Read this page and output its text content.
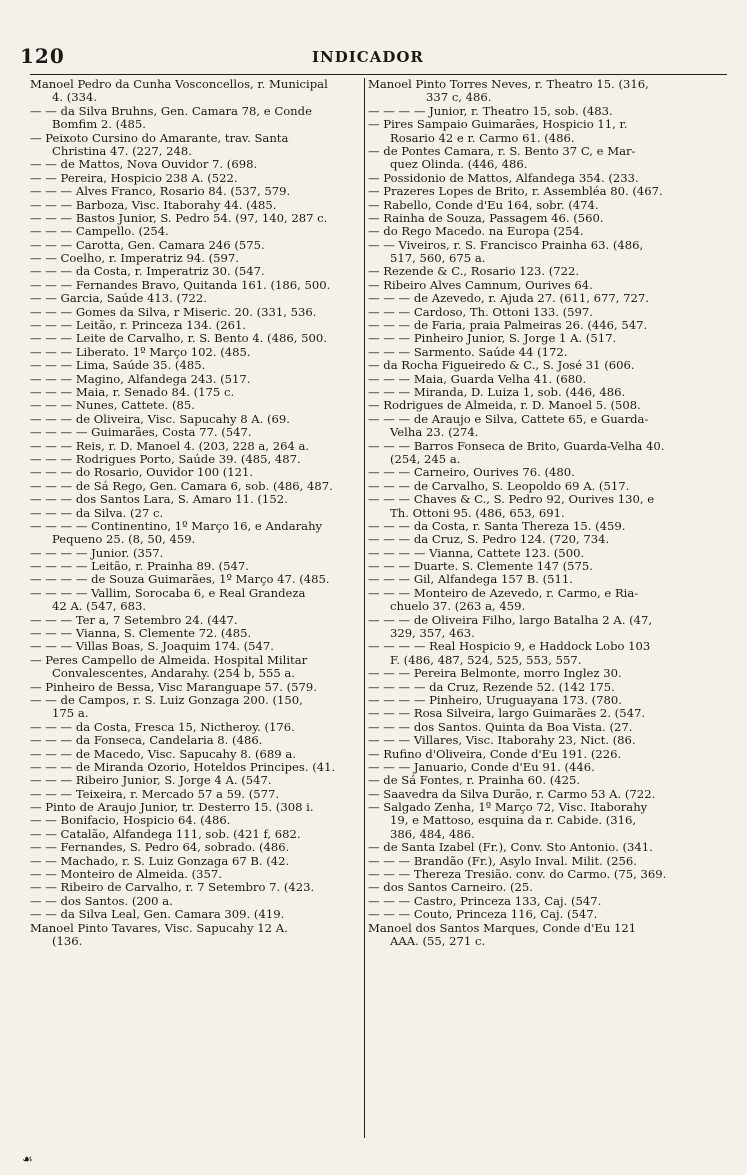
120	INDICADOR
Manoel Pedro da Cunha Vosconcellos, r. Municipal
4. (334.
— — da Silva Bruhns, Gen. Camara 78, e Conde
Bomfim 2. (485.
— Peixoto Cursino do Amarante, trav. Santa
Christina 47. (227, 248.
— — de Mattos, Nova Ouvidor 7. (698.
— — Pereira, Hospicio 238 A. (522.
— — — Alves Franco, Rosario 84. (537, 579.
— — — Barboza, Visc. Itaborahy 44. (485.
— — — Bastos Junior, S. Pedro 54. (97, 140, 287 c.
— — — Campello. (254.
— — — Carotta, Gen. Camara 246 (575.
— — Coelho, r. Imperatriz 94. (597.
— — — da Costa, r. Imperatriz 30. (547.
— — — Fernandes Bravo, Quitanda 161. (186, 500.
— — Garcia, Saúde 413. (722.
— — — Gomes da Silva, r Miseric. 20. (331, 536.
— — — Leitão, r. Princeza 134. (261.
— — — Leite de Carvalho, r. S. Bento 4. (486, 500.
— — — Liberato. 1º Março 102. (485.
— — — Lima, Saúde 35. (485.
— — — Magino, Alfandega 243. (517.
— — — Maia, r. Senado 84. (175 c.
— — — Nunes, Cattete. (85.
— — — de Oliveira, Visc. Sapucahy 8 A. (69.
— — — — Guimarães, Costa 77. (547.
— — — Reis, r. D. Manoel 4. (203, 228 a, 264 a.
— — — Rodrigues Porto, Saúde 39. (485, 487.
— — — do Rosario, Ouvidor 100 (121.
— — — de Sá Rego, Gen. Camara 6, sob. (486, 487.
— — — dos Santos Lara, S. Amaro 11. (152.
— — — da Silva. (27 c.
— — — — Continentino, 1º Março 16, e Andarahy
Pequeno 25. (8, 50, 459.
— — — — Junior. (357.
— — — — Leitão, r. Prainha 89. (547.
— — — — de Souza Guimarães, 1º Março 47. (485.
— — — — Vallim, Sorocaba 6, e Real Grandeza
42 A. (547, 683.
— — — Ter a, 7 Setembro 24. (447.
— — — Vianna, S. Clemente 72. (485.
— — — Villas Boas, S. Joaquim 174. (547.
— Peres Campello de Almeida. Hospital Militar
Convalescentes, Andarahy. (254 b, 555 a.
— Pinheiro de Bessa, Visc Maranguape 57. (579.
— — de Campos, r. S. Luiz Gonzaga 200. (150,
175 a.
— — — da Costa, Fresca 15, Nictheroy. (176.
— — — da Fonseca, Candelaria 8. (486.
— — — de Macedo, Visc. Sapucahy 8. (689 a.
— — — de Miranda Ozorio, Hoteldos Principes. (41.
— — — Ribeiro Junior, S. Jorge 4 A. (547.
— — — Teixeira, r. Mercado 57 a 59. (577.
— Pinto de Araujo Junior, tr. Desterro 15. (308 i.
— — Bonifacio, Hospicio 64. (486.
— — Catalão, Alfandega 111, sob. (421 f, 682.
— — Fernandes, S. Pedro 64, sobrado. (486.
— — Machado, r. S. Luiz Gonzaga 67 B. (42.
— — Monteiro de Almeida. (357.
— — Ribeiro de Carvalho, r. 7 Setembro 7. (423.
— — dos Santos. (200 a.
— — da Silva Leal, Gen. Camara 309. (419.
Manoel Pinto Tavares, Visc. Sapucahy 12 A.
(136.
Manoel Pinto Torres Neves, r. Theatro 15. (316,
337 c, 486.
— — — — Junior, r. Theatro 15, sob. (483.
— Pires Sampaio Guimarães, Hospicio 11, r.
Rosario 42 e r. Carmo 61. (486.
— de Pontes Camara, r. S. Bento 37 C, e Mar-
quez Olinda. (446, 486.
— Possidonio de Mattos, Alfandega 354. (233.
— Prazeres Lopes de Brito, r. Assembléa 80. (467.
— Rabello, Conde d'Eu 164, sobr. (474.
— Rainha de Souza, Passagem 46. (560.
— do Rego Macedo. na Europa (254.
— — Viveiros, r. S. Francisco Prainha 63. (486,
517, 560, 675 a.
— Rezende & C., Rosario 123. (722.
— Ribeiro Alves Camnum, Ourives 64.
— — — de Azevedo, r. Ajuda 27. (611, 677, 727.
— — — Cardoso, Th. Ottoni 133. (597.
— — — de Faria, praia Palmeiras 26. (446, 547.
— — — Pinheiro Junior, S. Jorge 1 A. (517.
— — — Sarmento. Saúde 44 (172.
— da Rocha Figueiredo & C., S. José 31 (606.
— — — Maia, Guarda Velha 41. (680.
— — — Miranda, D. Luiza 1, sob. (446, 486.
— Rodrigues de Almeida, r. D. Manoel 5. (508.
— — — de Araujo e Silva, Cattete 65, e Guarda-
Velha 23. (274.
— — — Barros Fonseca de Brito, Guarda-Velha 40.
(254, 245 a.
— — — Carneiro, Ourives 76. (480.
— — — de Carvalho, S. Leopoldo 69 A. (517.
— — — Chaves & C., S. Pedro 92, Ourives 130, e
Th. Ottoni 95. (486, 653, 691.
— — — da Costa, r. Santa Thereza 15. (459.
— — — da Cruz, S. Pedro 124. (720, 734.
— — — — Vianna, Cattete 123. (500.
— — — Duarte. S. Clemente 147 (575.
— — — Gil, Alfandega 157 B. (511.
— — — Monteiro de Azevedo, r. Carmo, e Ria-
chuelo 37. (263 a, 459.
— — — de Oliveira Filho, largo Batalha 2 A. (47,
329, 357, 463.
— — — — Real Hospicio 9, e Haddock Lobo 103
F. (486, 487, 524, 525, 553, 557.
— — — Pereira Belmonte, morro Inglez 30.
— — — — da Cruz, Rezende 52. (142 175.
— — — — Pinheiro, Uruguayana 173. (780.
— — — Rosa Silveira, largo Guimarães 2. (547.
— — — dos Santos. Quinta da Boa Vista. (27.
— — — Villares, Visc. Itaborahy 23, Nict. (86.
— Rufino d'Oliveira, Conde d'Eu 191. (226.
— — — Januario, Conde d'Eu 91. (446.
— de Sá Fontes, r. Prainha 60. (425.
— Saavedra da Silva Durão, r. Carmo 53 A. (722.
— Salgado Zenha, 1º Março 72, Visc. Itaborahy
19, e Mattoso, esquina da r. Cabide. (316,
386, 484, 486.
— de Santa Izabel (Fr.), Conv. Sto Antonio. (341.
— — — Brandão (Fr.), Asylo Inval. Milit. (256.
— — — Thereza Tresião. conv. do Carmo. (75, 369.
— dos Santos Carneiro. (25.
— — — Castro, Princeza 133, Caj. (547.
— — — Couto, Princeza 116, Caj. (547.
Manoel dos Santos Marques, Conde d'Eu 121
AAA. (55, 271 c.
☙
